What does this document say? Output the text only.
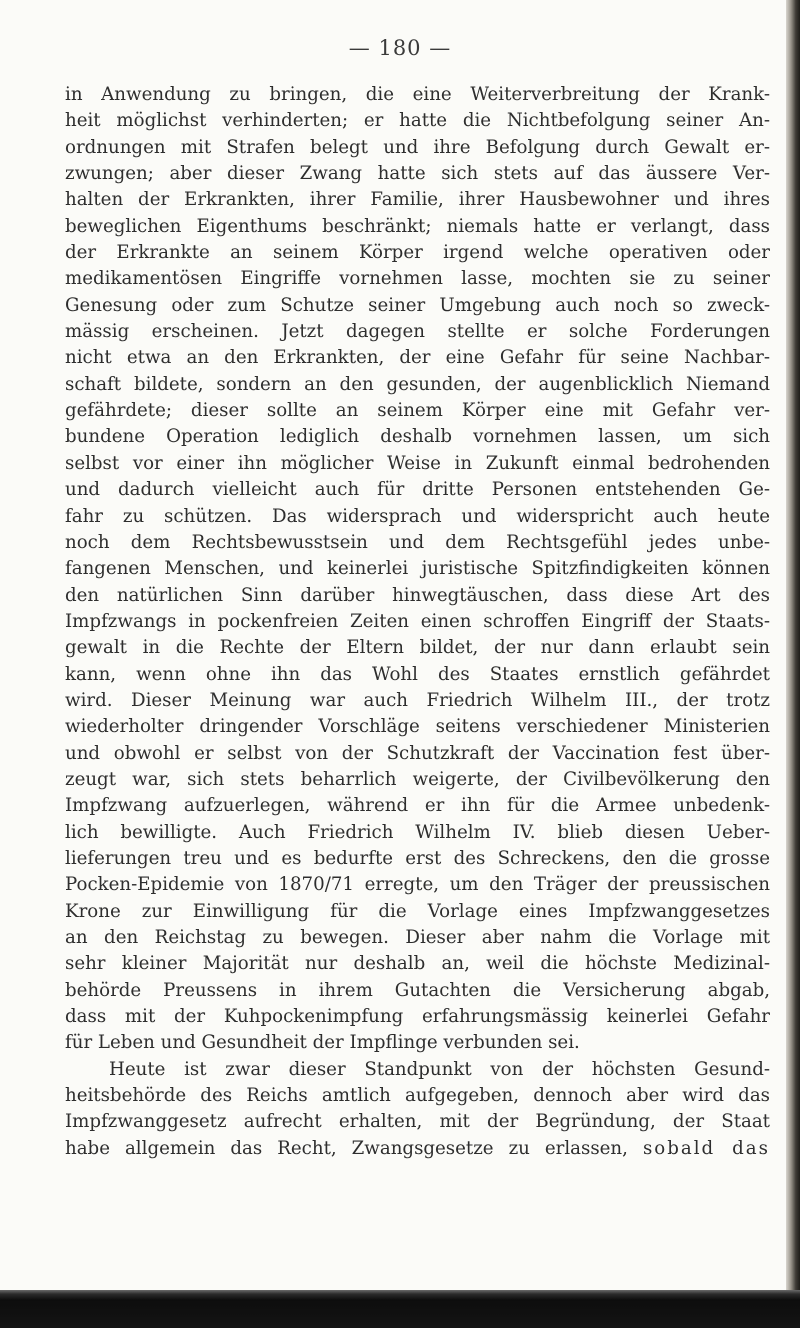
— 180 —
in Anwendung zu bringen, die eine Weiterverbreitung der Krank-
heit möglichst verhinderten; er hatte die Nichtbefolgung seiner An-
ordnungen mit Strafen belegt und ihre Befolgung durch Gewalt er-
zwungen; aber dieser Zwang hatte sich stets auf das äussere Ver-
halten der Erkrankten, ihrer Familie, ihrer Hausbewohner und ihres
beweglichen Eigenthums beschränkt; niemals hatte er verlangt, dass
der Erkrankte an seinem Körper irgend welche operativen oder
medikamentösen Eingriffe vornehmen lasse, mochten sie zu seiner
Genesung oder zum Schutze seiner Umgebung auch noch so zweck-
mässig erscheinen. Jetzt dagegen stellte er solche Forderungen
nicht etwa an den Erkrankten, der eine Gefahr für seine Nachbar-
schaft bildete, sondern an den gesunden, der augenblicklich Niemand
gefährdete; dieser sollte an seinem Körper eine mit Gefahr ver-
bundene Operation lediglich deshalb vornehmen lassen, um sich
selbst vor einer ihn möglicher Weise in Zukunft einmal bedrohenden
und dadurch vielleicht auch für dritte Personen entstehenden Ge-
fahr zu schützen. Das widersprach und widerspricht auch heute
noch dem Rechtsbewusstsein und dem Rechtsgefühl jedes unbe-
fangenen Menschen, und keinerlei juristische Spitzfindigkeiten können
den natürlichen Sinn darüber hinwegtäuschen, dass diese Art des
Impfzwangs in pockenfreien Zeiten einen schroffen Eingriff der Staats-
gewalt in die Rechte der Eltern bildet, der nur dann erlaubt sein
kann, wenn ohne ihn das Wohl des Staates ernstlich gefährdet
wird. Dieser Meinung war auch Friedrich Wilhelm III., der trotz
wiederholter dringender Vorschläge seitens verschiedener Ministerien
und obwohl er selbst von der Schutzkraft der Vaccination fest über-
zeugt war, sich stets beharrlich weigerte, der Civilbevölkerung den
Impfzwang aufzuerlegen, während er ihn für die Armee unbedenk-
lich bewilligte. Auch Friedrich Wilhelm IV. blieb diesen Ueber-
lieferungen treu und es bedurfte erst des Schreckens, den die grosse
Pocken-Epidemie von 1870/71 erregte, um den Träger der preussischen
Krone zur Einwilligung für die Vorlage eines Impfzwanggesetzes
an den Reichstag zu bewegen. Dieser aber nahm die Vorlage mit
sehr kleiner Majorität nur deshalb an, weil die höchste Medizinal-
behörde Preussens in ihrem Gutachten die Versicherung abgab,
dass mit der Kuhpockenimpfung erfahrungsmässig keinerlei Gefahr
für Leben und Gesundheit der Impflinge verbunden sei.
Heute ist zwar dieser Standpunkt von der höchsten Gesund-
heitsbehörde des Reichs amtlich aufgegeben, dennoch aber wird das
Impfzwanggesetz aufrecht erhalten, mit der Begründung, der Staat
habe allgemein das Recht, Zwangsgesetze zu erlassen, sobald das
